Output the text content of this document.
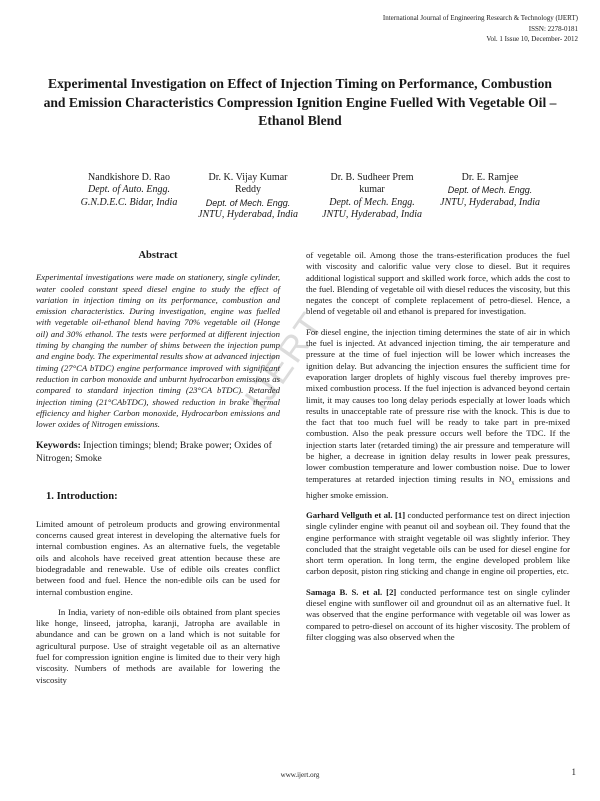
International Journal of Engineering Research & Technology (IJERT)
ISSN: 2278-0181
Vol. 1 Issue 10, December- 2012
Experimental Investigation on Effect of Injection Timing on Performance, Combustion and Emission Characteristics Compression Ignition Engine Fuelled With Vegetable Oil –Ethanol Blend
Nandkishore D. Rao
Dept. of Auto. Engg.
G.N.D.E.C. Bidar, India
Dr. K. Vijay Kumar Reddy
Dept. of Mech. Engg.
JNTU, Hyderabad, India
Dr. B. Sudheer Prem kumar
Dept. of Mech. Engg.
JNTU, Hyderabad, India
Dr. E. Ramjee
Dept. of Mech. Engg.
JNTU, Hyderabad, India
IJERT
Abstract

Experimental investigations were made on stationery, single cylinder, water cooled constant speed diesel engine to study the effect of variation in injection timing on its performance, combustion and emission characteristics. During investigation, engine was fuelled with vegetable oil-ethanol blend having 70% vegetable oil (Honge oil) and 30% ethanol. The tests were performed at different injection timing by changing the number of shims between the injection pump and engine body. The experimental results show at advanced injection timing (27°CA bTDC) engine performance improved with significant reduction in carbon monoxide and unburnt hydrocarbon emissions as compared to standard injection timing (23°CA bTDC). Retarded injection timing (21°CAbTDC), showed reduction in brake thermal efficiency and higher Carbon monoxide, Hydrocarbon emissions and lower oxides of Nitrogen emissions.

Keywords: Injection timings; blend; Brake power; Oxides of Nitrogen; Smoke

1. Introduction:

Limited amount of petroleum products and growing environmental concerns caused great interest in developing the alternative fuels for internal combustion engines. As an alternative fuels, the vegetable oils and alcohols have received great attention because these are biodegradable and renewable. Use of edible oils creates conflict between food and fuel. Hence the non-edible oils can be used for internal combustion engine.

In India, variety of non-edible oils obtained from plant species like honge, linseed, jatropha, karanji, Jatropha are available in abundance and can be grown on a land which is not suitable for agricultural purpose. Use of straight vegetable oil as an alternative fuel for compression ignition engine is limited due to their very high viscosity. Numbers of methods are available for lowering the viscosity

of vegetable oil. Among those the trans-esterification produces the fuel with viscosity and calorific value very close to diesel. But it requires additional logistical support and skilled work force, which adds the cost to the fuel. Blending of vegetable oil with diesel reduces the viscosity, but this negates the concept of complete replacement of petro-diesel. Hence, a blend of vegetable oil and ethanol is prepared for investigation.

For diesel engine, the injection timing determines the state of air in which the fuel is injected. At advanced injection timing, the air temperature and pressure at the time of fuel injection will be lower which increases the ignition delay. But advancing the injection ensures the sufficient time for evaporation larger droplets of highly viscous fuel thereby improves pre-mixed combustion process. If the fuel injection is advanced beyond certain limit, it may causes too long delay periods especially at lower loads which results in unacceptable rate of pressure rise with the knock. This is due to the fact that too much fuel will be ready to take part in pre-mixed combustion. Also the peak pressure occurs well before the TDC. If the injection starts later (retarded timing) the air pressure and temperature will be higher, a decrease in ignition delay results in lower peak pressures, lower combustion temperature and lower combustion noise. Due to lower temperatures at retarded injection timing results in $NO_x$ emissions and higher smoke emission.

Garhard Vellguth et al. [1] conducted performance test on direct injection single cylinder engine with peanut oil and soybean oil. They found that the engine performance with straight vegetable oil was slightly inferior. They concluded that the straight vegetable oils can be used for diesel engine for short term operation. In long term, the engine developed problem like carbon deposit, piston ring sticking and change in engine oil properties, etc.

Samaga B. S. et al. [2] conducted performance test on single cylinder diesel engine with sunflower oil and groundnut oil as an alternative fuel. It was observed that the engine performance with vegetable oil was lower as compared to petro-diesel on account of its higher viscosity. The problem of filter clogging was also observed when the

www.ijert.org	1
